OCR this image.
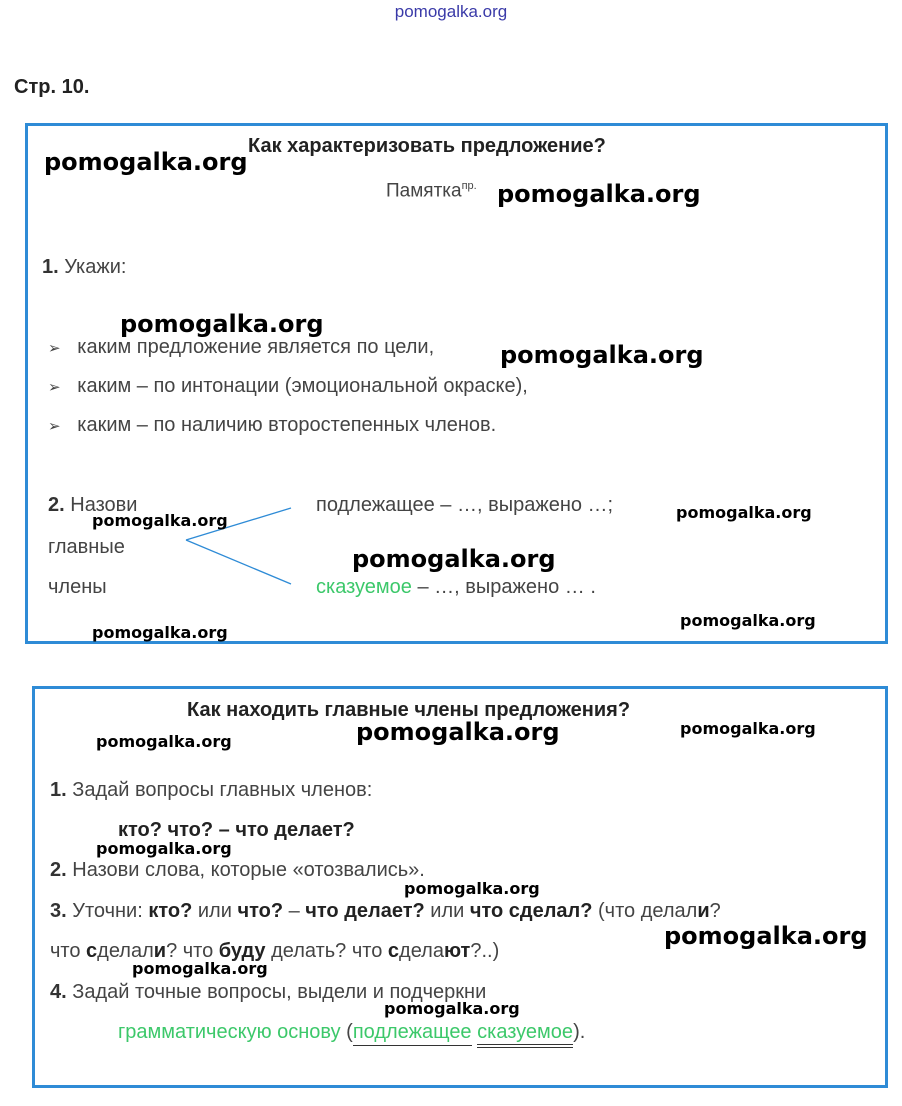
pomogalka.org
Стр. 10.
Как характеризовать предложение?
Памятка$^{пр.}$
1. Укажи:
➢ каким предложение является по цели,
➢ каким – по интонации (эмоциональной окраске),
➢ каким – по наличию второстепенных членов.
2. Назови
главные
члены
подлежащее – …, выражено …;
сказуемое – …, выражено … .
Как находить главные члены предложения?
1. Задай вопросы главных членов:
кто? что? – что делает?
2. Назови слова, которые «отозвались».
3. Уточни: кто? или что? – что делает? или что сделал? (что делали?
что сделали? что буду делать? что сделают?..)
4. Задай точные вопросы, выдели и подчеркни
грамматическую основу (подлежащее сказуемое).
pomogalka.org
pomogalka.org
pomogalka.org
pomogalka.org
pomogalka.org	pomogalka.org
pomogalka.org
pomogalka.org
pomogalka.org
pomogalka.org	pomogalka.org	pomogalka.org
pomogalka.org
pomogalka.org
pomogalka.org
pomogalka.org
pomogalka.org
